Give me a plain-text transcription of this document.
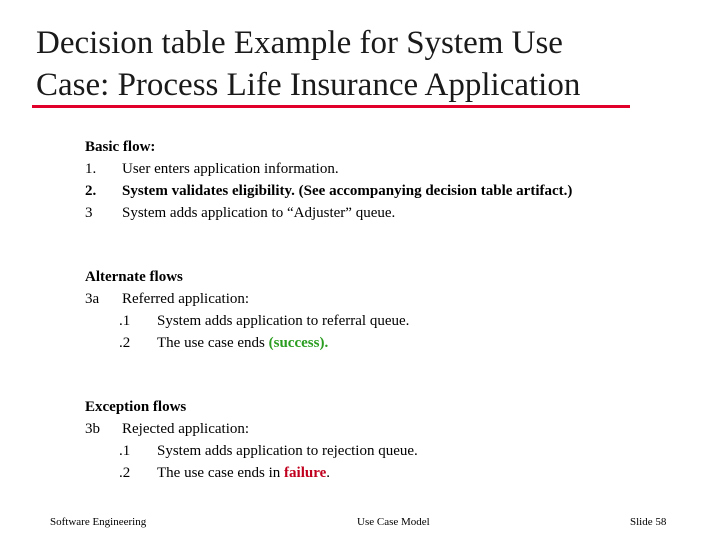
Decision table Example for System Use
Case: Process Life Insurance Application
Basic flow:
1. User enters application information.
2. System validates eligibility. (See accompanying decision table artifact.)
3 System adds application to “Adjuster” queue.
Alternate flows
3a Referred application:
.1 System adds application to referral queue.
.2 The use case ends (success).
Exception flows
3b Rejected application:
.1 System adds application to rejection queue.
.2 The use case ends in failure.
Software Engineering	Use Case Model	Slide 58
